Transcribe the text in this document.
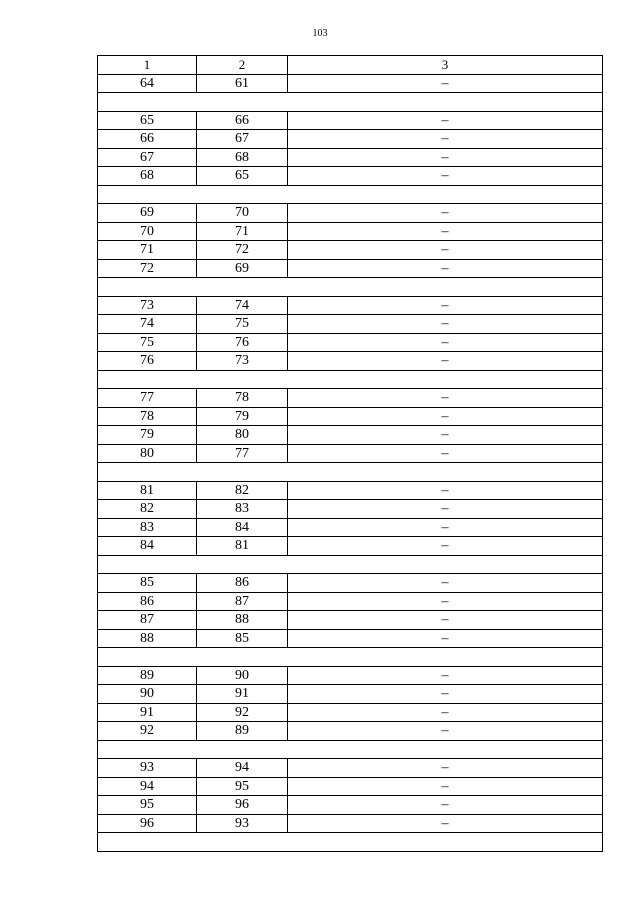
103
1	2	3
64	61	–
65	66	–
66	67	–
67	68	–
68	65	–
69	70	–
70	71	–
71	72	–
72	69	–
73	74	–
74	75	–
75	76	–
76	73	–
77	78	–
78	79	–
79	80	–
80	77	–
81	82	–
82	83	–
83	84	–
84	81	–
85	86	–
86	87	–
87	88	–
88	85	–
89	90	–
90	91	–
91	92	–
92	89	–
93	94	–
94	95	–
95	96	–
96	93	–
